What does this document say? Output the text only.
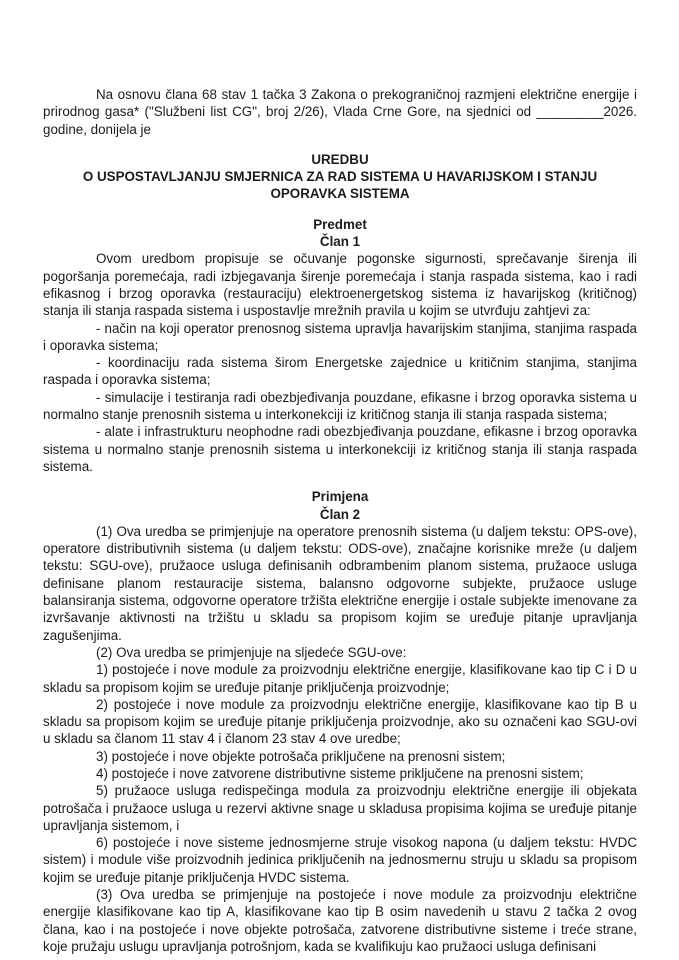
Na osnovu člana 68 stav 1 tačka 3 Zakona o prekograničnoj razmjeni električne energije i prirodnog gasa* ("Službeni list CG", broj 2/26), Vlada Crne Gore, na sjednici od _________2026. godine, donijela je

UREDBU
O USPOSTAVLJANJU SMJERNICA ZA RAD SISTEMA U HAVARIJSKOM I STANJU OPORAVKA SISTEMA
Predmet
Član 1

Ovom uredbom propisuje se očuvanje pogonske sigurnosti, sprečavanje širenja ili pogoršanja poremećaja, radi izbjegavanja širenje poremećaja i stanja raspada sistema, kao i radi efikasnog i brzog oporavka (restauraciju) elektroenergetskog sistema iz havarijskog (kritičnog) stanja ili stanja raspada sistema i uspostavlje mrežnih pravila u kojim se utvrđuju zahtjevi za:

- način na koji operator prenosnog sistema upravlja havarijskim stanjima, stanjima raspada i oporavka sistema;

- koordinaciju rada sistema širom Energetske zajednice u kritičnim stanjima, stanjima raspada i oporavka sistema;

- simulacije i testiranja radi obezbjeđivanja pouzdane, efikasne i brzog oporavka sistema u normalno stanje prenosnih sistema u interkonekciji iz kritičnog stanja ili stanja raspada sistema;

- alate i infrastrukturu neophodne radi obezbjeđivanja pouzdane, efikasne i brzog oporavka sistema u normalno stanje prenosnih sistema u interkonekciji iz kritičnog stanja ili stanja raspada sistema.

Primjena
Član 2

(1) Ova uredba se primjenjuje na operatore prenosnih sistema (u daljem tekstu: OPS-ove), operatore distributivnih sistema (u daljem tekstu: ODS-ove), značajne korisnike mreže (u daljem tekstu: SGU-ove), pružaoce usluga definisanih odbrambenim planom sistema, pružaoce usluga definisane planom restauracije sistema, balansno odgovorne subjekte, pružaoce usluge balansiranja sistema, odgovorne operatore tržišta električne energije i ostale subjekte imenovane za izvršavanje aktivnosti na tržištu u skladu sa propisom kojim se uređuje pitanje upravljanja zagušenjima.

(2) Ova uredba se primjenjuje na sljedeće SGU-ove:

1) postojeće i nove module za proizvodnju električne energije, klasifikovane kao tip C i D u skladu sa propisom kojim se uređuje pitanje priključenja proizvodnje;

2) postojeće i nove module za proizvodnju električne energije, klasifikovane kao tip B u skladu sa propisom kojim se uređuje pitanje priključenja proizvodnje, ako su označeni kao SGU-ovi u skladu sa članom 11 stav 4 i članom 23 stav 4 ove uredbe;

3) postojeće i nove objekte potrošača priključene na prenosni sistem;

4) postojeće i nove zatvorene distributivne sisteme priključene na prenosni sistem;

5) pružaoce usluga redispečinga modula za proizvodnju električne energije ili objekata potrošača i pružaoce usluga u rezervi aktivne snage u skladusa propisima kojima se uređuje pitanje upravljanja sistemom, i

6) postojeće i nove sisteme jednosmjerne struje visokog napona (u daljem tekstu: HVDC sistem) i module više proizvodnih jedinica priključenih na jednosmernu struju u skladu sa propisom kojim se uređuje pitanje priključenja HVDC sistema.

(3) Ova uredba se primjenjuje na postojeće i nove module za proizvodnju električne energije klasifikovane kao tip A, klasifikovane kao tip B osim navedenih u stavu 2 tačka 2 ovog člana, kao i na postojeće i nove objekte potrošača, zatvorene distributivne sisteme i treće strane, koje pružaju uslugu upravljanja potrošnjom, kada se kvalifikuju kao pružaoci usluga definisani
